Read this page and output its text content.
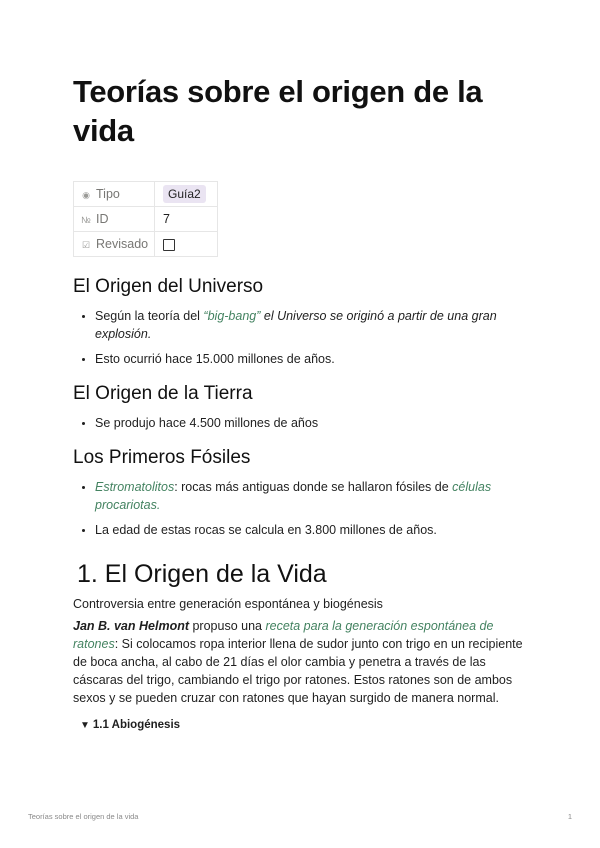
Teorías sobre el origen de la vida
◉ Tipo	Guía2
№ ID	7
☑ Revisado	
El Origen del Universo
• Según la teoría del “big-bang” el Universo se originó a partir de una gran explosión.
• Esto ocurrió hace 15.000 millones de años.
El Origen de la Tierra
• Se produjo hace 4.500 millones de años
Los Primeros Fósiles
• Estromatolitos: rocas más antiguas donde se hallaron fósiles de células procariotas.
• La edad de estas rocas se calcula en 3.800 millones de años.
1. El Origen de la Vida

Controversia entre generación espontánea y biogénesis

Jan B. van Helmont propuso una receta para la generación espontánea de ratones: Si colocamos ropa interior llena de sudor junto con trigo en un recipiente de boca ancha, al cabo de 21 días el olor cambia y penetra a través de las cáscaras del trigo, cambiando el trigo por ratones. Estos ratones son de ambos sexos y se pueden cruzar con ratones que hayan surgido de manera normal.

▼ 1.1 Abiogénesis
Teorías sobre el origen de la vida	1
